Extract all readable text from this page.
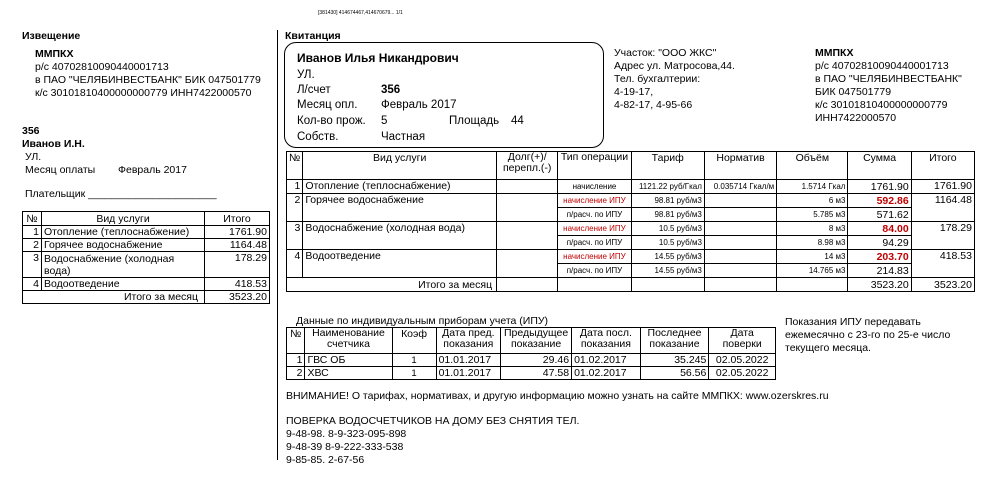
[381430] 414674467,414670679... 1/1
Извещение
ММПКХ
р/с 40702810090440001713
в ПАО "ЧЕЛЯБИНВЕСТБАНК" БИК 047501779
к/с 30101810400000000779 ИНН7422000570
356
Иванов И.Н.
УЛ.
Месяц оплаты Февраль 2017
Плательщик ______________________
№	Вид услуги	Итого
1	Отопление (теплоснабжение)	1761.90
2	Горячее водоснабжение	1164.48
3	Водоснабжение (холодная вода)	178.29
4	Водоотведение	418.53
	Итого за месяц	3523.20
Квитанция
Иванов Илья Никандрович
УЛ.
Л/счет	356
Месяц опл. Февраль 2017
Кол-во прож. 5	Площадь 44
Собств.	Частная
Участок: "ООО ЖКС"
Адрес ул. Матросова,44.
Тел. бухгалтерии:
4-19-17,
4-82-17, 4-95-66
ММПКХ
р/с 40702810090440001713
в ПАО "ЧЕЛЯБИНВЕСТБАНК"
БИК 047501779
к/с 30101810400000000779
ИНН7422000570
№	Вид услуги	Долг(+)/ перепл.(-)	Тип операции	Тариф	Норматив	Объём	Сумма	Итого
1	Отопление (теплоснабжение)		начисление	1121.22 руб/Гкал	0.035714 Гкал/м	1.5714 Гкал	1761.90	1761.90
2	Горячее водоснабжение		начисление ИПУ	98.81 руб/м3		6 м3	592.86	1164.48
			п/расч. по ИПУ	98.81 руб/м3		5.785 м3	571.62	
3	Водоснабжение (холодная вода)		начисление ИПУ	10.5 руб/м3		8 м3	84.00	178.29
			п/расч. по ИПУ	10.5 руб/м3		8.98 м3	94.29	
4	Водоотведение		начисление ИПУ	14.55 руб/м3		14 м3	203.70	418.53
			п/расч. по ИПУ	14.55 руб/м3		14.765 м3	214.83	
Итого за месяц							3523.20	3523.20
Данные по индивидуальным приборам учета (ИПУ)
№	Наименование счетчика	Коэф	Дата пред. показания	Предыдущее показание	Дата посл. показания	Последнее показание	Дата поверки
1	ГВС ОБ	1	01.01.2017	29.46	01.02.2017	35.245	02.05.2022
2	ХВС	1	01.01.2017	47.58	01.02.2017	56.56	02.05.2022
Показания ИПУ передавать ежемесячно с 23-го по 25-е число текущего месяца.
ВНИМАНИЕ! О тарифах, нормативах, и другую информацию можно узнать на сайте ММПКХ: www.ozerskres.ru
ПОВЕРКА ВОДОСЧЕТЧИКОВ НА ДОМУ БЕЗ СНЯТИЯ ТЕЛ.
9-48-98. 8-9-323-095-898
9-48-39 8-9-222-333-538
9-85-85. 2-67-56
